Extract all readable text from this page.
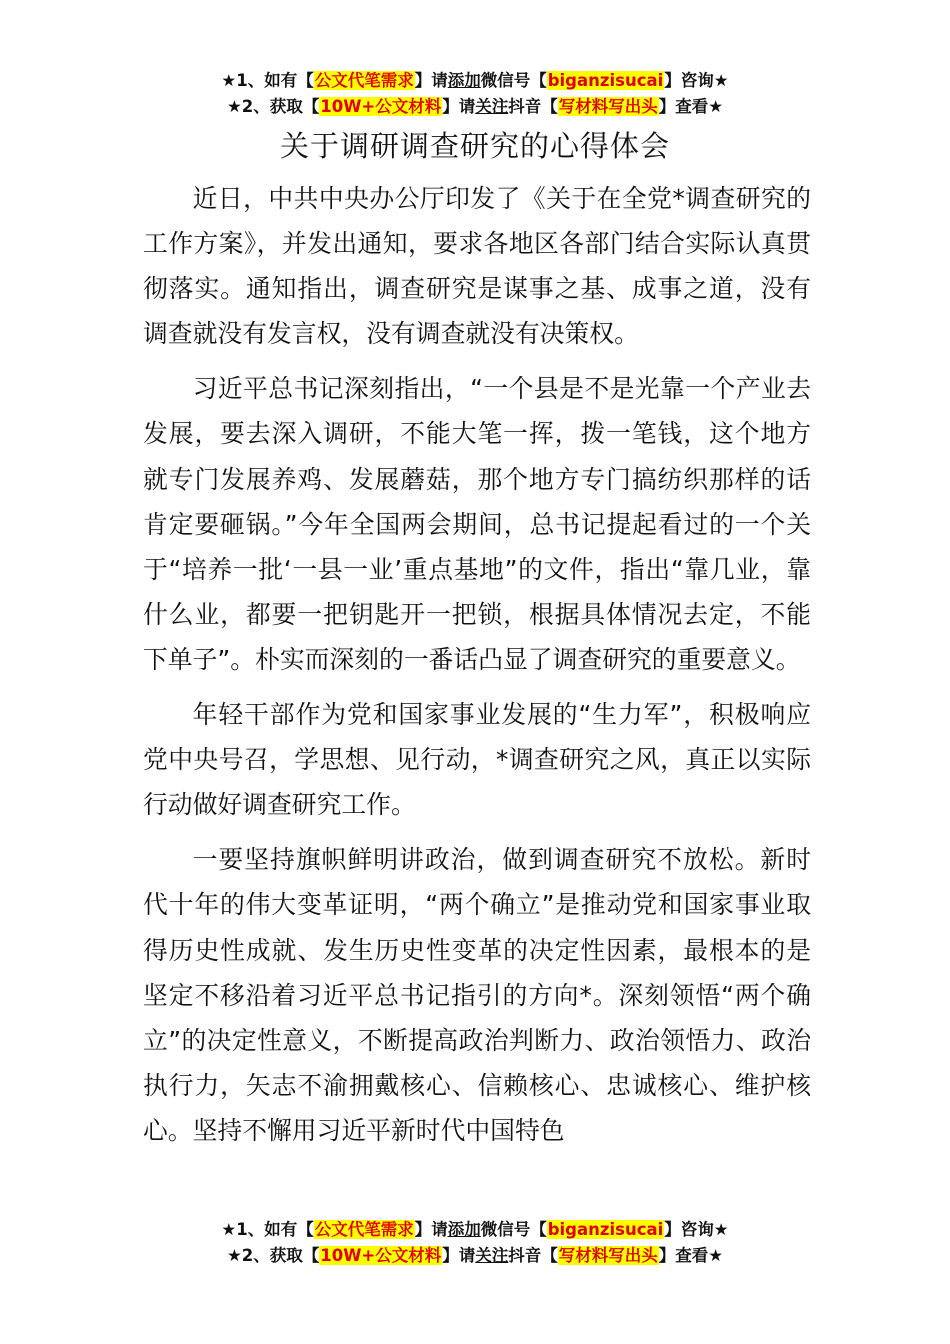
★1、如有【公文代笔需求】请添加微信号【biganzisucai】咨询★
★2、获取【10W+公文材料】请关注抖音【写材料写出头】查看★
关于调研调查研究的心得体会

近日，中共中央办公厅印发了《关于在全党*调查研究的工作方案》，并发出通知，要求各地区各部门结合实际认真贯彻落实。通知指出，调查研究是谋事之基、成事之道，没有调查就没有发言权，没有调查就没有决策权。

习近平总书记深刻指出，“一个县是不是光靠一个产业去发展，要去深入调研，不能大笔一挥，拨一笔钱，这个地方就专门发展养鸡、发展蘑菇，那个地方专门搞纺织那样的话肯定要砸锅。”今年全国两会期间，总书记提起看过的一个关于“培养一批‘一县一业’重点基地”的文件，指出“靠几业，靠什么业，都要一把钥匙开一把锁，根据具体情况去定，不能下单子”。朴实而深刻的一番话凸显了调查研究的重要意义。

年轻干部作为党和国家事业发展的“生力军”，积极响应党中央号召，学思想、见行动，*调查研究之风，真正以实际行动做好调查研究工作。

一要坚持旗帜鲜明讲政治，做到调查研究不放松。新时代十年的伟大变革证明，“两个确立”是推动党和国家事业取得历史性成就、发生历史性变革的决定性因素，最根本的是坚定不移沿着习近平总书记指引的方向*。深刻领悟“两个确立”的决定性意义，不断提高政治判断力、政治领悟力、政治执行力，矢志不渝拥戴核心、信赖核心、忠诚核心、维护核心。坚持不懈用习近平新时代中国特色

★1、如有【公文代笔需求】请添加微信号【biganzisucai】咨询★
★2、获取【10W+公文材料】请关注抖音【写材料写出头】查看★
